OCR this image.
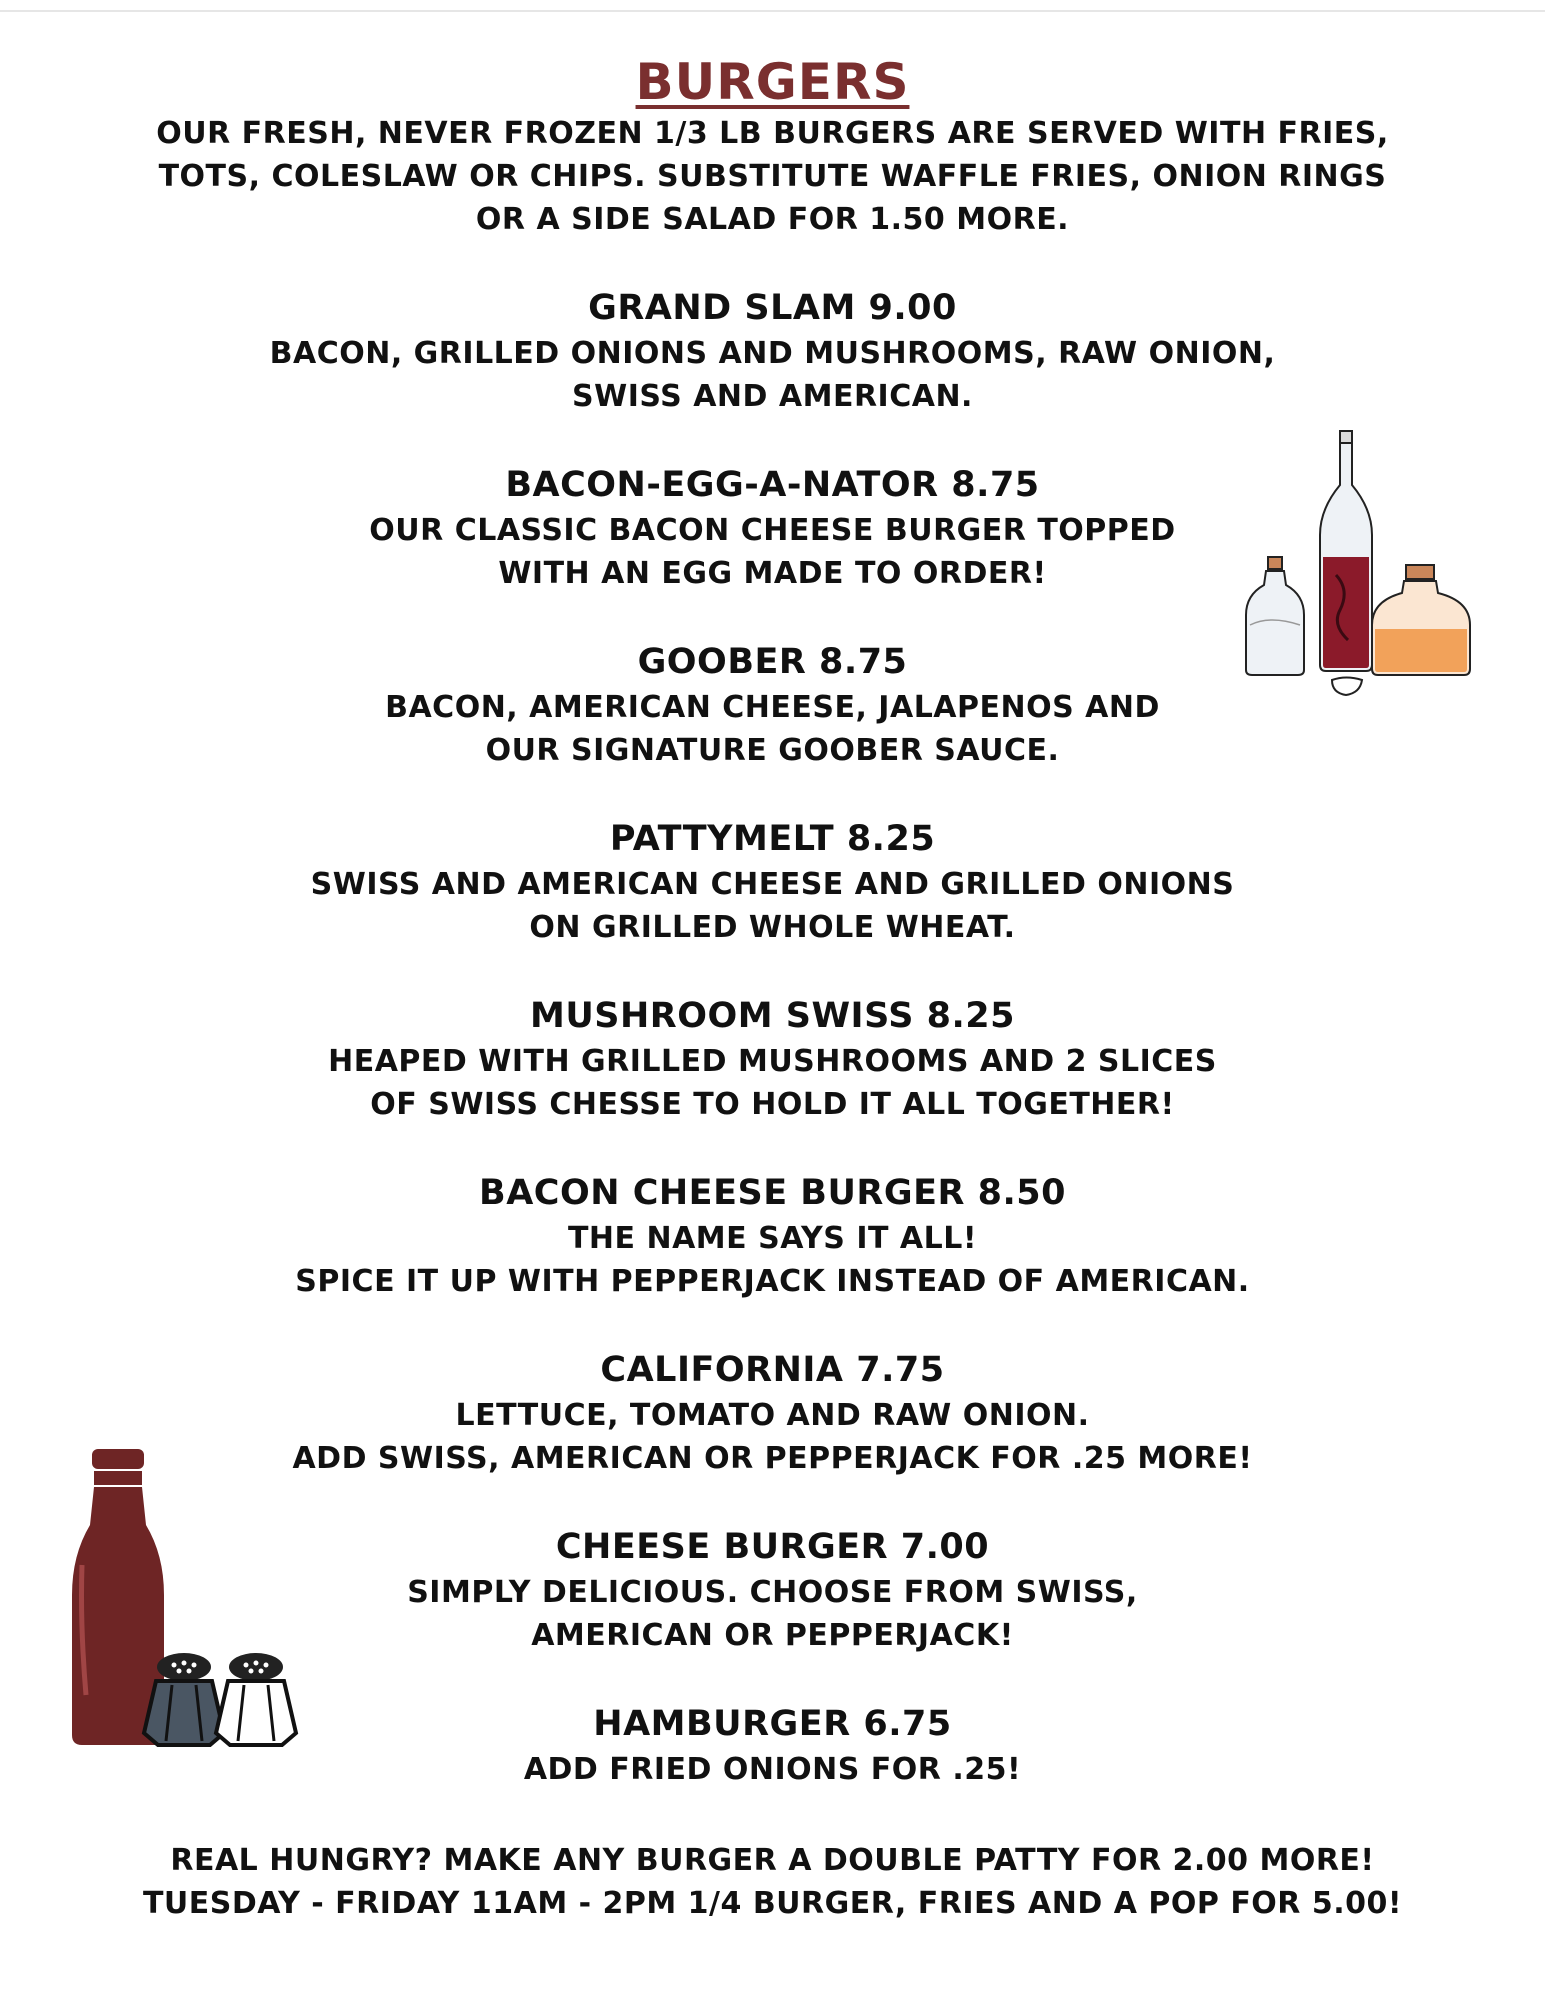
BURGERS
OUR FRESH, NEVER FROZEN 1/3 LB BURGERS ARE SERVED WITH FRIES,
TOTS, COLESLAW OR CHIPS. SUBSTITUTE WAFFLE FRIES, ONION RINGS
OR A SIDE SALAD FOR 1.50 MORE.
GRAND SLAM 9.00
BACON, GRILLED ONIONS AND MUSHROOMS, RAW ONION,
SWISS AND AMERICAN.
BACON-EGG-A-NATOR 8.75
OUR CLASSIC BACON CHEESE BURGER TOPPED
WITH AN EGG MADE TO ORDER!
GOOBER 8.75
BACON, AMERICAN CHEESE, JALAPENOS AND
OUR SIGNATURE GOOBER SAUCE.
PATTYMELT 8.25
SWISS AND AMERICAN CHEESE AND GRILLED ONIONS
ON GRILLED WHOLE WHEAT.
MUSHROOM SWISS 8.25
HEAPED WITH GRILLED MUSHROOMS AND 2 SLICES
OF SWISS CHESSE TO HOLD IT ALL TOGETHER!
BACON CHEESE BURGER 8.50
THE NAME SAYS IT ALL!
SPICE IT UP WITH PEPPERJACK INSTEAD OF AMERICAN.
CALIFORNIA 7.75
LETTUCE, TOMATO AND RAW ONION.
ADD SWISS, AMERICAN OR PEPPERJACK FOR .25 MORE!
CHEESE BURGER 7.00
SIMPLY DELICIOUS. CHOOSE FROM SWISS,
AMERICAN OR PEPPERJACK!
HAMBURGER 6.75
ADD FRIED ONIONS FOR .25!
REAL HUNGRY? MAKE ANY BURGER A DOUBLE PATTY FOR 2.00 MORE!
TUESDAY - FRIDAY 11AM - 2PM 1/4 BURGER, FRIES AND A POP FOR 5.00!
